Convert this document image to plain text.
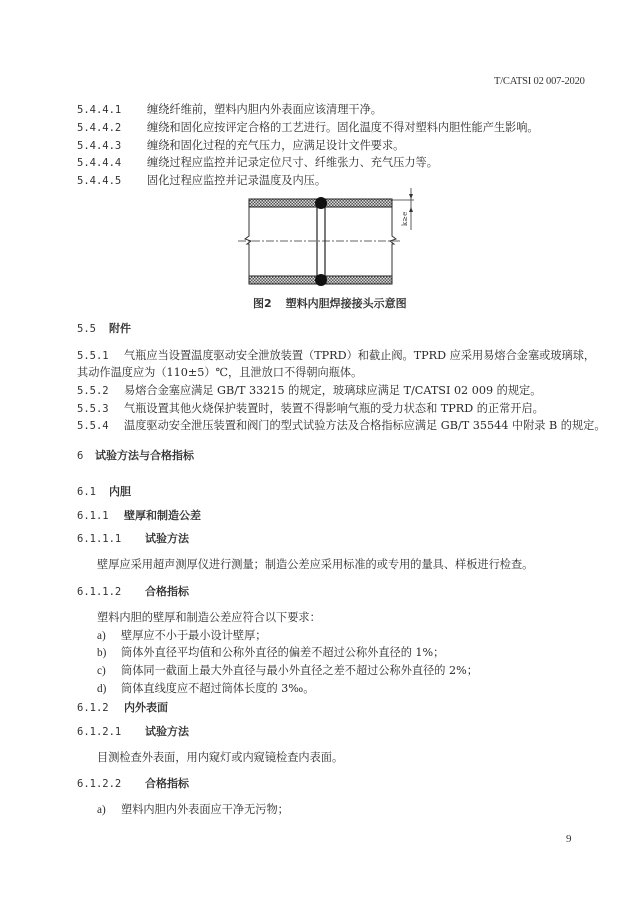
T/CATSI 02 007-2020
5.4.4.1 缠绕纤维前，塑料内胆内外表面应该清理干净。
5.4.4.2 缠绕和固化应按评定合格的工艺进行。固化温度不得对塑料内胆性能产生影响。
5.4.4.3 缠绕和固化过程的充气压力，应满足设计文件要求。
5.4.4.4 缠绕过程应监控并记录定位尺寸、纤维张力、充气压力等。
5.4.4.5 固化过程应监控并记录温度及内压。
k≥e
图2 塑料内胆焊接接头示意图
5.5 附件
5.5.1 气瓶应当设置温度驱动安全泄放装置（TPRD）和截止阀。TPRD 应采用易熔合金塞或玻璃球，
其动作温度应为（110±5）℃，且泄放口不得朝向瓶体。
5.5.2 易熔合金塞应满足 GB/T 33215 的规定，玻璃球应满足 T/CATSI 02 009 的规定。
5.5.3 气瓶设置其他火烧保护装置时，装置不得影响气瓶的受力状态和 TPRD 的正常开启。
5.5.4 温度驱动安全泄压装置和阀门的型式试验方法及合格指标应满足 GB/T 35544 中附录 B 的规定。
6 试验方法与合格指标
6.1 内胆
6.1.1 壁厚和制造公差
6.1.1.1 试验方法
壁厚应采用超声测厚仪进行测量；制造公差应采用标准的或专用的量具、样板进行检查。
6.1.1.2 合格指标
塑料内胆的壁厚和制造公差应符合以下要求：
a) 壁厚应不小于最小设计壁厚；
b) 筒体外直径平均值和公称外直径的偏差不超过公称外直径的 1%；
c) 筒体同一截面上最大外直径与最小外直径之差不超过公称外直径的 2%；
d) 筒体直线度应不超过筒体长度的 3‰。
6.1.2 内外表面
6.1.2.1 试验方法
目测检查外表面，用内窥灯或内窥镜检查内表面。
6.1.2.2 合格指标
a) 塑料内胆内外表面应干净无污物；
9
